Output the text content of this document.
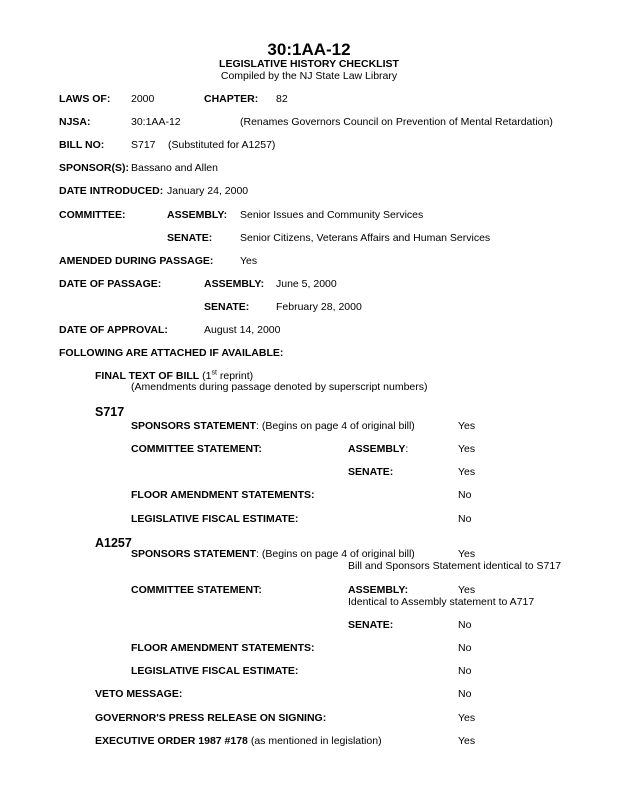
30:1AA-12
LEGISLATIVE HISTORY CHECKLIST
Compiled by the NJ State Law Library
LAWS OF: 2000	CHAPTER: 82
NJSA:	30:1AA-12	(Renames Governors Council on Prevention of Mental Retardation)
BILL NO:	S717 (Substituted for A1257)
SPONSOR(S): Bassano and Allen
DATE INTRODUCED: January 24, 2000
COMMITTEE:	ASSEMBLY: Senior Issues and Community Services
SENATE:	Senior Citizens, Veterans Affairs and Human Services
AMENDED DURING PASSAGE:	Yes
DATE OF PASSAGE:	ASSEMBLY: June 5, 2000
SENATE:	February 28, 2000
DATE OF APPROVAL:	August 14, 2000
FOLLOWING ARE ATTACHED IF AVAILABLE:
FINAL TEXT OF BILL (1st reprint)
(Amendments during passage denoted by superscript numbers)
S717
SPONSORS STATEMENT: (Begins on page 4 of original bill)	Yes
COMMITTEE STATEMENT:	ASSEMBLY:	Yes
SENATE:	Yes
FLOOR AMENDMENT STATEMENTS:	No
LEGISLATIVE FISCAL ESTIMATE:	No
A1257
SPONSORS STATEMENT: (Begins on page 4 of original bill)	Yes
Bill and Sponsors Statement identical to S717
COMMITTEE STATEMENT:	ASSEMBLY:	Yes
Identical to Assembly statement to A717
SENATE:	No
FLOOR AMENDMENT STATEMENTS:	No
LEGISLATIVE FISCAL ESTIMATE:	No
VETO MESSAGE:	No
GOVERNOR'S PRESS RELEASE ON SIGNING:	Yes
EXECUTIVE ORDER 1987 #178 (as mentioned in legislation)	Yes
